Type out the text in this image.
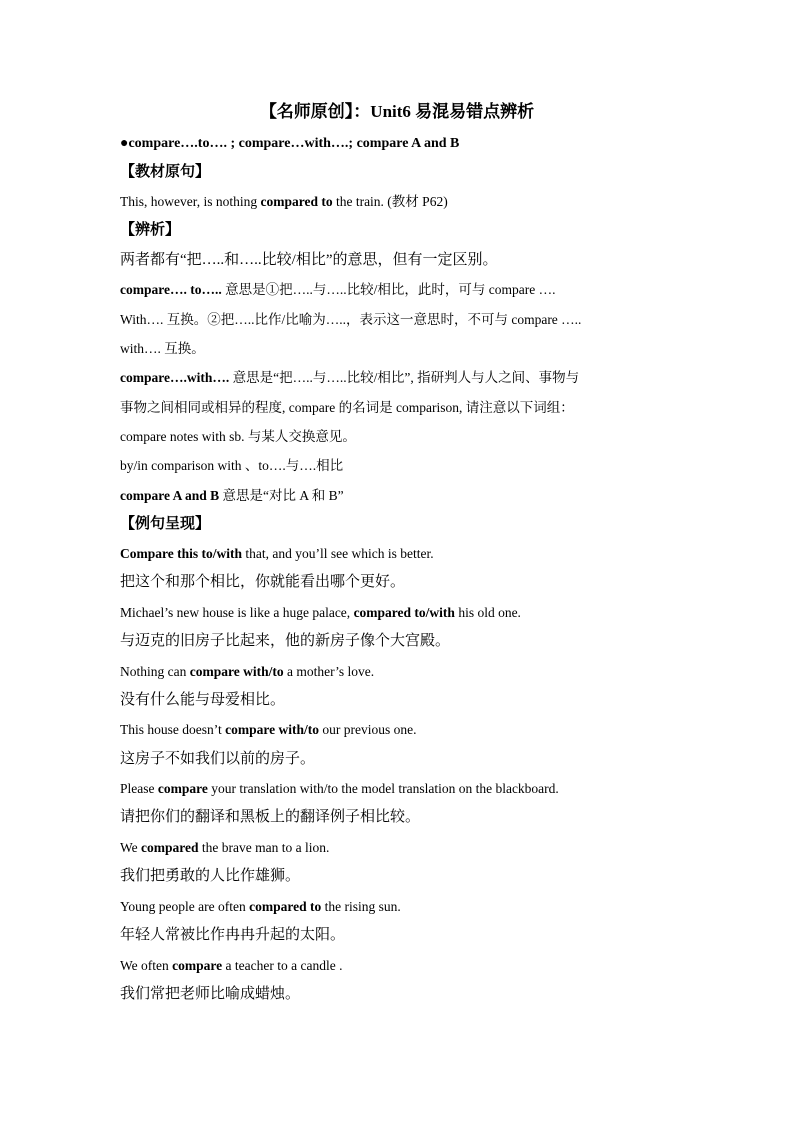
【名师原创】：Unit6 易混易错点辨析
●compare….to…. ; compare…with….; compare A and B
【教材原句】
This, however, is nothing compared to the train. (教材 P62)
【辨析】
两者都有“把…..和…..比较/相比”的意思，但有一定区别。
compare…. to….. 意思是①把…..与…..比较/相比，此时，可与 compare ….
With…. 互换。②把…..比作/比喻为…..，表示这一意思时，不可与 compare …..
with…. 互换。
compare….with…. 意思是“把…..与…..比较/相比”, 指研判人与人之间、事物与
事物之间相同或相异的程度, compare 的名词是 comparison, 请注意以下词组：
compare notes with sb. 与某人交换意见。
by/in comparison with 、to….与….相比
compare A and B 意思是“对比 A 和 B”
【例句呈现】
Compare this to/with that, and you’ll see which is better.
把这个和那个相比，你就能看出哪个更好。
Michael’s new house is like a huge palace, compared to/with his old one.
与迈克的旧房子比起来，他的新房子像个大宫殿。
Nothing can compare with/to a mother’s love.
没有什么能与母爱相比。
This house doesn’t compare with/to our previous one.
这房子不如我们以前的房子。
Please compare your translation with/to the model translation on the blackboard.
请把你们的翻译和黑板上的翻译例子相比较。
We compared the brave man to a lion.
我们把勇敢的人比作雄狮。
Young people are often compared to the rising sun.
年轻人常被比作冉冉升起的太阳。
We often compare a teacher to a candle .
我们常把老师比喻成蜡烛。
